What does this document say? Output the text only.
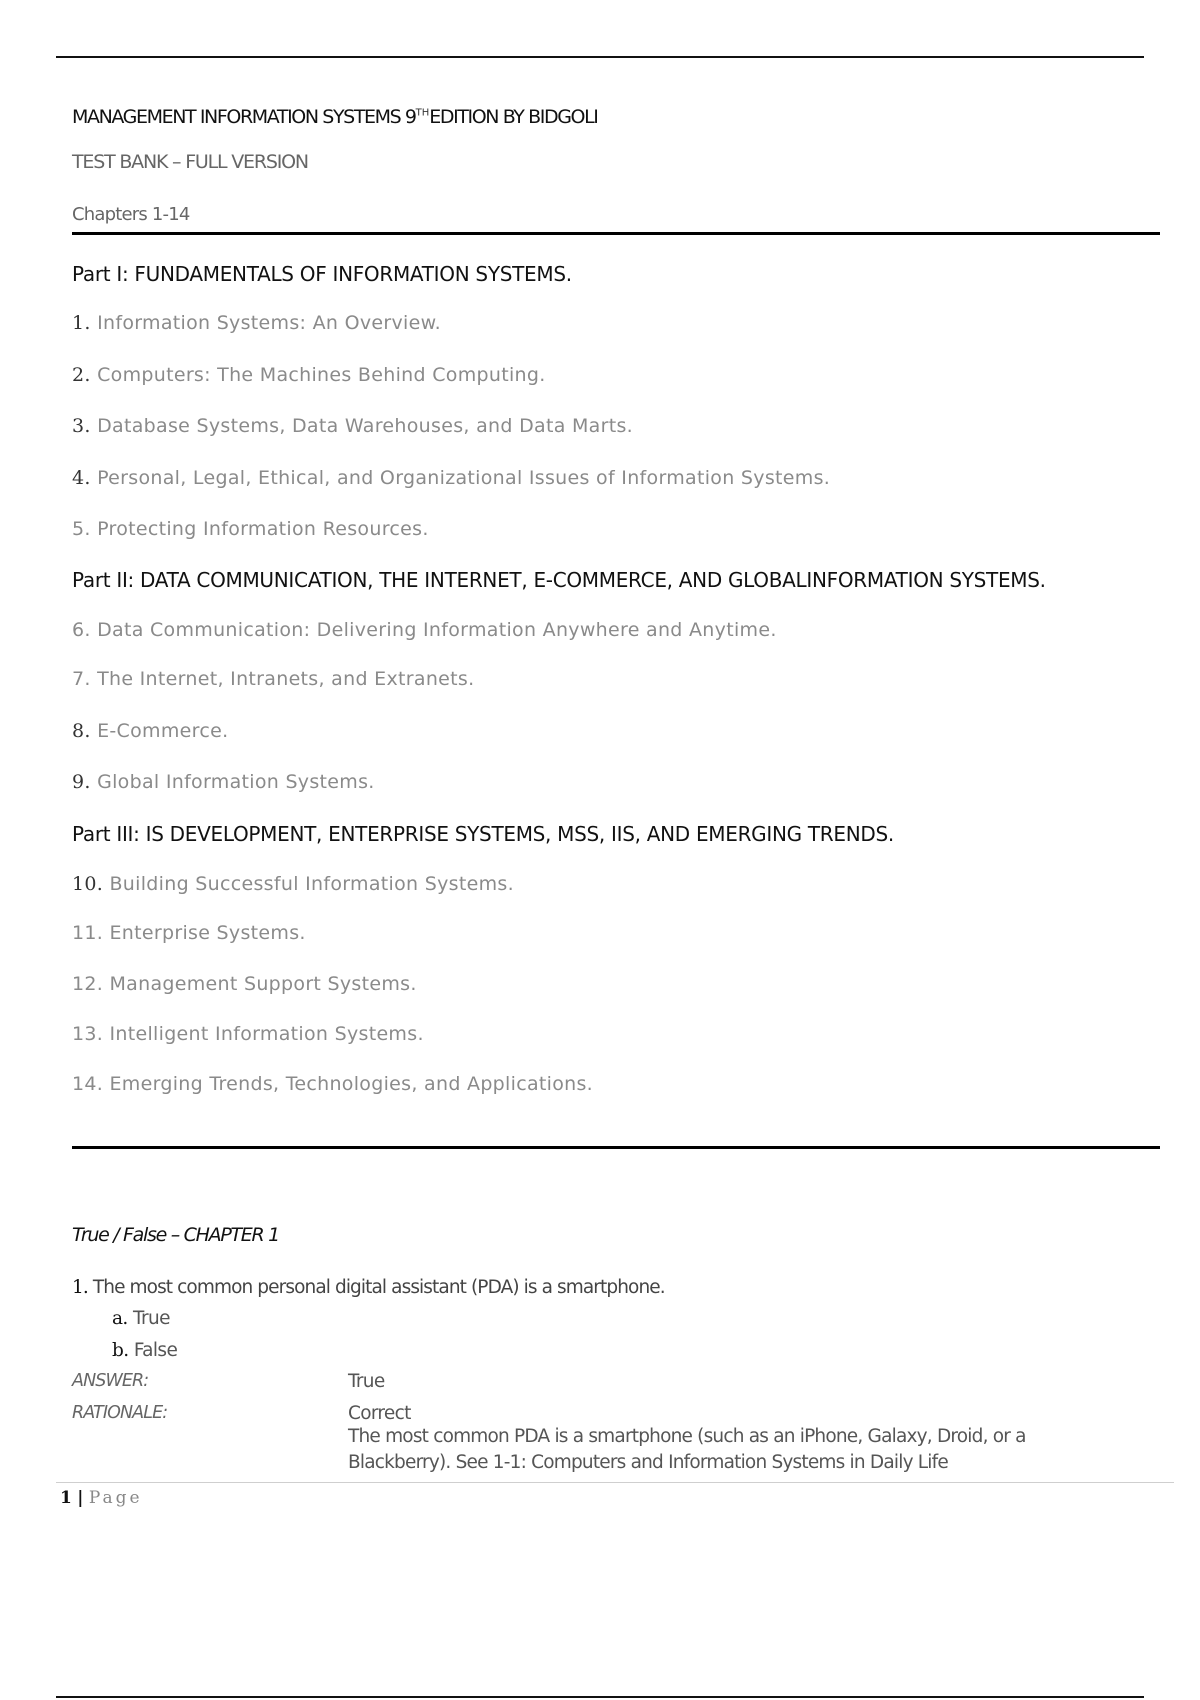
MANAGEMENT INFORMATION SYSTEMS 9THEDITION BY BIDGOLI
TEST BANK – FULL VERSION
Chapters 1-14
Part I: FUNDAMENTALS OF INFORMATION SYSTEMS.
1. Information Systems: An Overview.
2. Computers: The Machines Behind Computing.
3. Database Systems, Data Warehouses, and Data Marts.
4. Personal, Legal, Ethical, and Organizational Issues of Information Systems.
5. Protecting Information Resources.
Part II: DATA COMMUNICATION, THE INTERNET, E-COMMERCE, AND GLOBALINFORMATION SYSTEMS.
6. Data Communication: Delivering Information Anywhere and Anytime.
7. The Internet, Intranets, and Extranets.
8. E-Commerce.
9. Global Information Systems.
Part III: IS DEVELOPMENT, ENTERPRISE SYSTEMS, MSS, IIS, AND EMERGING TRENDS.
10. Building Successful Information Systems.
11. Enterprise Systems.
12. Management Support Systems.
13. Intelligent Information Systems.
14. Emerging Trends, Technologies, and Applications.
True / False – CHAPTER 1
1. The most common personal digital assistant (PDA) is a smartphone.
a. True
b. False
ANSWER:	True
RATIONALE:	Correct
The most common PDA is a smartphone (such as an iPhone, Galaxy, Droid, or a Blackberry). See 1-1: Computers and Information Systems in Daily Life
1 | Page
